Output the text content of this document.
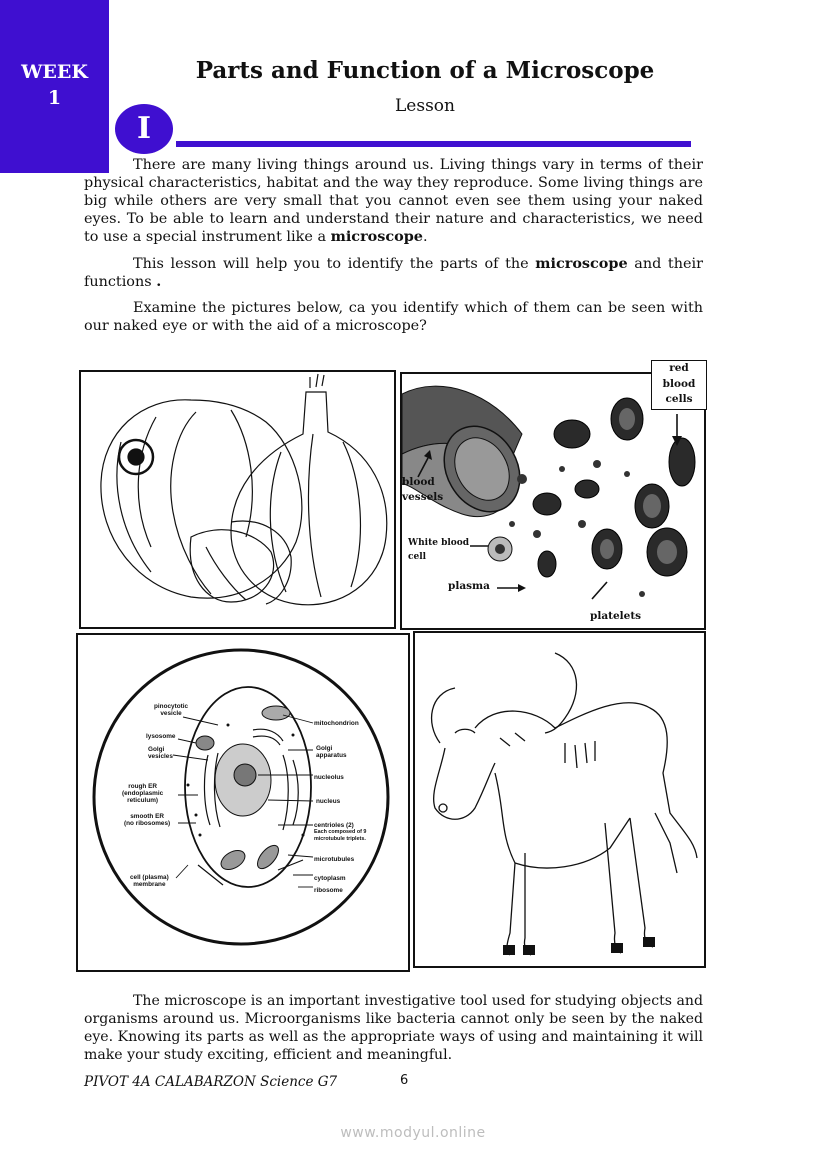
WEEK
1
Parts and Function of a Microscope
Lesson
I

There are many living things around us. Living things vary in terms of their physical characteristics, habitat and the way they reproduce. Some living things are big while others are very small that you cannot even see them using your naked eyes. To be able to learn and understand their nature and characteristics, we need to use a special instrument like a microscope.

This lesson will help you to identify the parts of the microscope and their functions .

Examine the pictures below, ca you identify which of them can be seen with our naked eye or with the aid of a microscope?

red
blood
cells
blood
vessels
White blood
cell
plasma
platelets
pinocytotic
vesicle
lysosome
Golgi
vesicles
rough ER
(endoplasmic
reticulum)
smooth ER
(no ribosomes)
cell (plasma)
membrane
mitochondrion
Golgi
apparatus
nucleolus
nucleus
centrioles (2)
Each composed of 9
microtubule triplets.
microtubules
cytoplasm
ribosome

The microscope is an important investigative tool used for studying objects and organisms around us. Microorganisms like bacteria cannot only be seen by the naked eye. Knowing its parts as well as the appropriate ways of using and maintaining it will make your study exciting, efficient and meaningful.

PIVOT 4A CALABARZON Science G7	6
www.modyul.online
